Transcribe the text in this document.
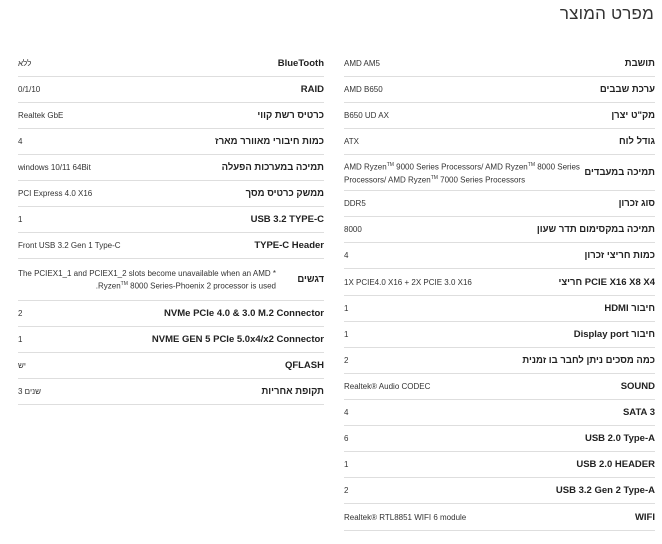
מפרט המוצר
תושבת
AMD AM5
ערכת שבבים
AMD B650
מק"ט יצרן
B650 UD AX
גודל לוח
ATX
תמיכה במעבדים
AMD Ryzen™ 9000 Series Processors/ AMD Ryzen™ 8000 Series Processors/ AMD Ryzen™ 7000 Series Processors
סוג זכרון
DDR5
תמיכה במקסימום תדר שעון
8000
כמות חריצי זכרון
4
PCIE X16 X8 X4 חריצי
1X PCIE4.0 X16 + 2X PCIE 3.0 X16
חיבור HDMI
1
חיבור Display port
1
כמה מסכים ניתן לחבר בו זמנית
2
SOUND
Realtek® Audio CODEC
SATA 3
4
USB 2.0 Type-A
6
USB 2.0 HEADER
1
USB 3.2 Gen 2 Type-A
2
WIFI
Realtek® RTL8851 WIFI 6 module
BlueTooth
ללא
RAID
0/1/10
כרטיס רשת קווי
Realtek GbE
כמות חיבורי מאוורר מארז
4
תמיכה במערכות הפעלה
windows 10/11 64Bit
ממשק כרטיס מסך
PCI Express 4.0 X16
USB 3.2 TYPE-C
1
TYPE-C Header
Front USB 3.2 Gen 1 Type-C
דגשים
The PCIEX1_1 and PCIEX1_2 slots become unavailable when an AMD * Ryzen™ 8000 Series-Phoenix 2 processor is used.
NVMe PCIe 4.0 & 3.0 M.2 Connector
2
NVME GEN 5 PCIe 5.0x4/x2 Connector
1
QFLASH
יש
תקופת אחריות
3 שנים
